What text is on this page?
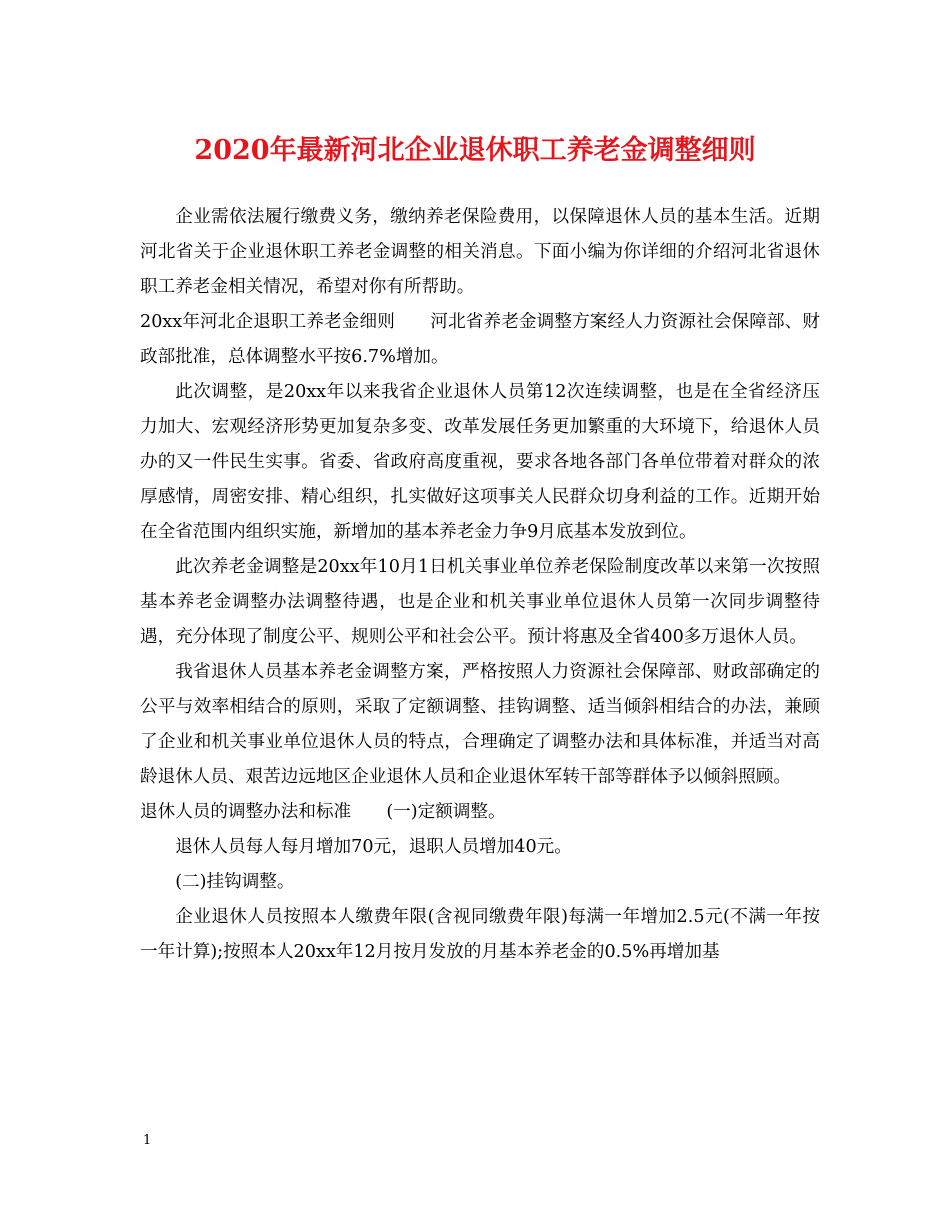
2020年最新河北企业退休职工养老金调整细则

企业需依法履行缴费义务，缴纳养老保险费用，以保障退休人员的基本生活。近期河北省关于企业退休职工养老金调整的相关消息。下面小编为你详细的介绍河北省退休职工养老金相关情况，希望对你有所帮助。

20xx年河北企退职工养老金细则　　河北省养老金调整方案经人力资源社会保障部、财政部批准，总体调整水平按6.7%增加。

此次调整，是20xx年以来我省企业退休人员第12次连续调整，也是在全省经济压力加大、宏观经济形势更加复杂多变、改革发展任务更加繁重的大环境下，给退休人员办的又一件民生实事。省委、省政府高度重视，要求各地各部门各单位带着对群众的浓厚感情，周密安排、精心组织，扎实做好这项事关人民群众切身利益的工作。近期开始在全省范围内组织实施，新增加的基本养老金力争9月底基本发放到位。

此次养老金调整是20xx年10月1日机关事业单位养老保险制度改革以来第一次按照基本养老金调整办法调整待遇，也是企业和机关事业单位退休人员第一次同步调整待遇，充分体现了制度公平、规则公平和社会公平。预计将惠及全省400多万退休人员。

我省退休人员基本养老金调整方案，严格按照人力资源社会保障部、财政部确定的公平与效率相结合的原则，采取了定额调整、挂钩调整、适当倾斜相结合的办法，兼顾了企业和机关事业单位退休人员的特点，合理确定了调整办法和具体标准，并适当对高龄退休人员、艰苦边远地区企业退休人员和企业退休军转干部等群体予以倾斜照顾。

退休人员的调整办法和标准　　(一)定额调整。

退休人员每人每月增加70元，退职人员增加40元。

(二)挂钩调整。

企业退休人员按照本人缴费年限(含视同缴费年限)每满一年增加2.5元(不满一年按一年计算);按照本人20xx年12月按月发放的月基本养老金的0.5%再增加基

1
